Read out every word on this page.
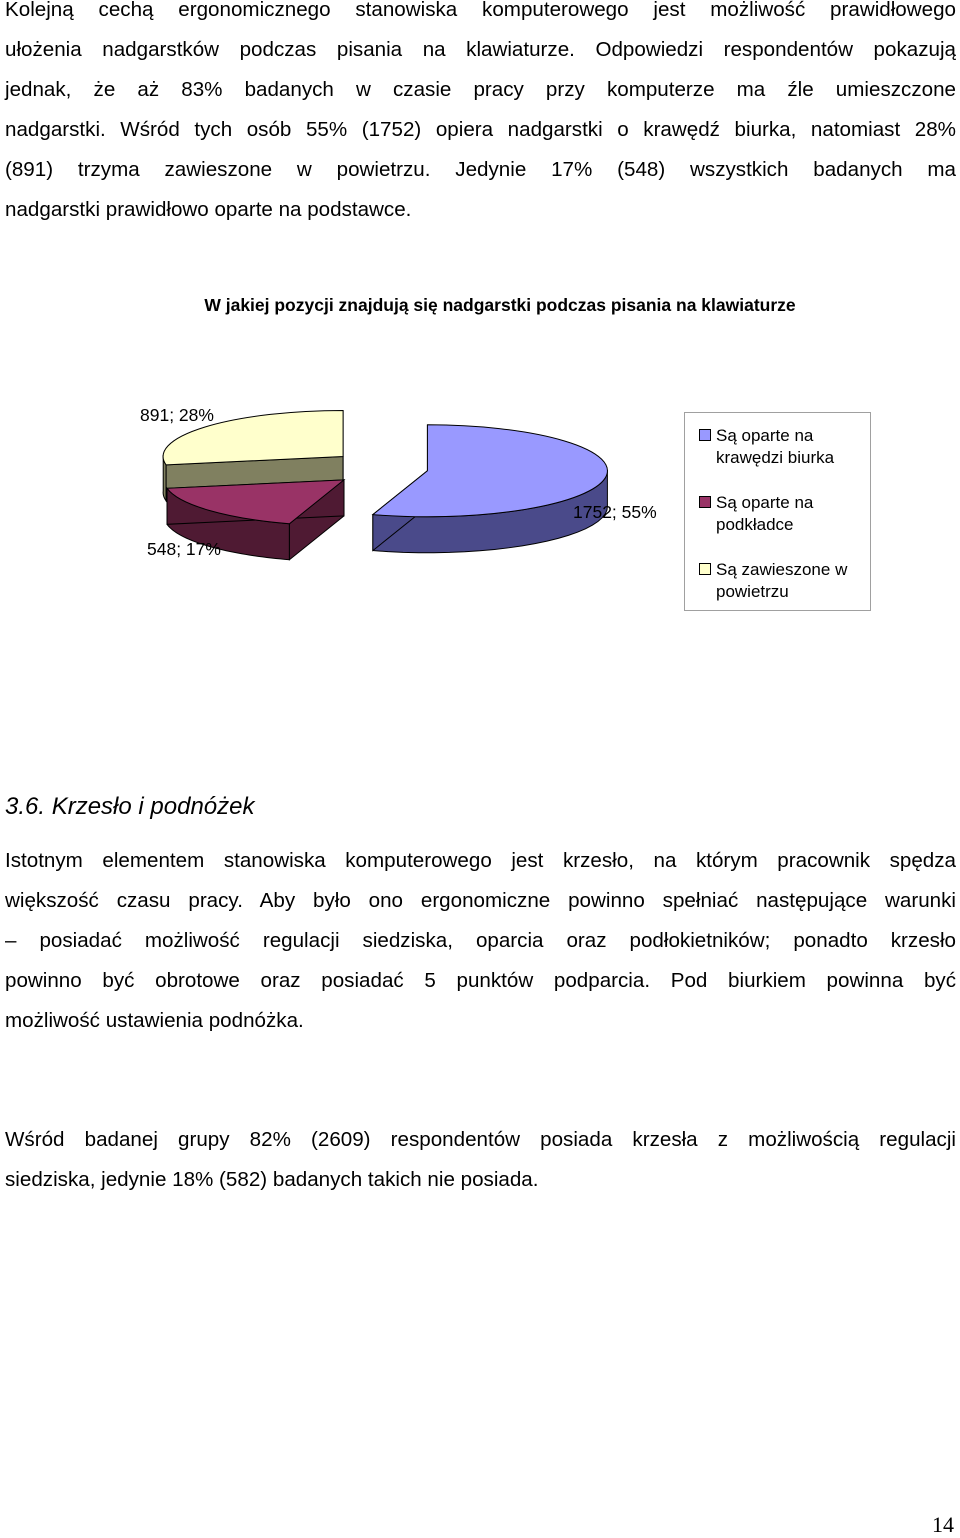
Kolejną cechą ergonomicznego stanowiska komputerowego jest możliwość prawidłowego
ułożenia nadgarstków podczas pisania na klawiaturze. Odpowiedzi respondentów pokazują
jednak, że aż 83% badanych w czasie pracy przy komputerze ma źle umieszczone
nadgarstki. Wśród tych osób 55% (1752) opiera nadgarstki o krawędź biurka, natomiast 28%
(891) trzyma zawieszone w powietrzu. Jedynie 17% (548) wszystkich badanych ma
nadgarstki prawidłowo oparte na podstawce.
W jakiej pozycji znajdują się nadgarstki podczas pisania na klawiaturze
891; 28%
548; 17%
1752; 55%
Są oparte na krawędzi biurka
Są oparte na podkładce
Są zawieszone w powietrzu
3.6. Krzesło i podnóżek
Istotnym elementem stanowiska komputerowego jest krzesło, na którym pracownik spędza
większość czasu pracy. Aby było ono ergonomiczne powinno spełniać następujące warunki
– posiadać możliwość regulacji siedziska, oparcia oraz podłokietników; ponadto krzesło
powinno być obrotowe oraz posiadać 5 punktów podparcia. Pod biurkiem powinna być
możliwość ustawienia podnóżka.
Wśród badanej grupy 82% (2609) respondentów posiada krzesła z możliwością regulacji
siedziska, jedynie 18% (582) badanych takich nie posiada.
14
